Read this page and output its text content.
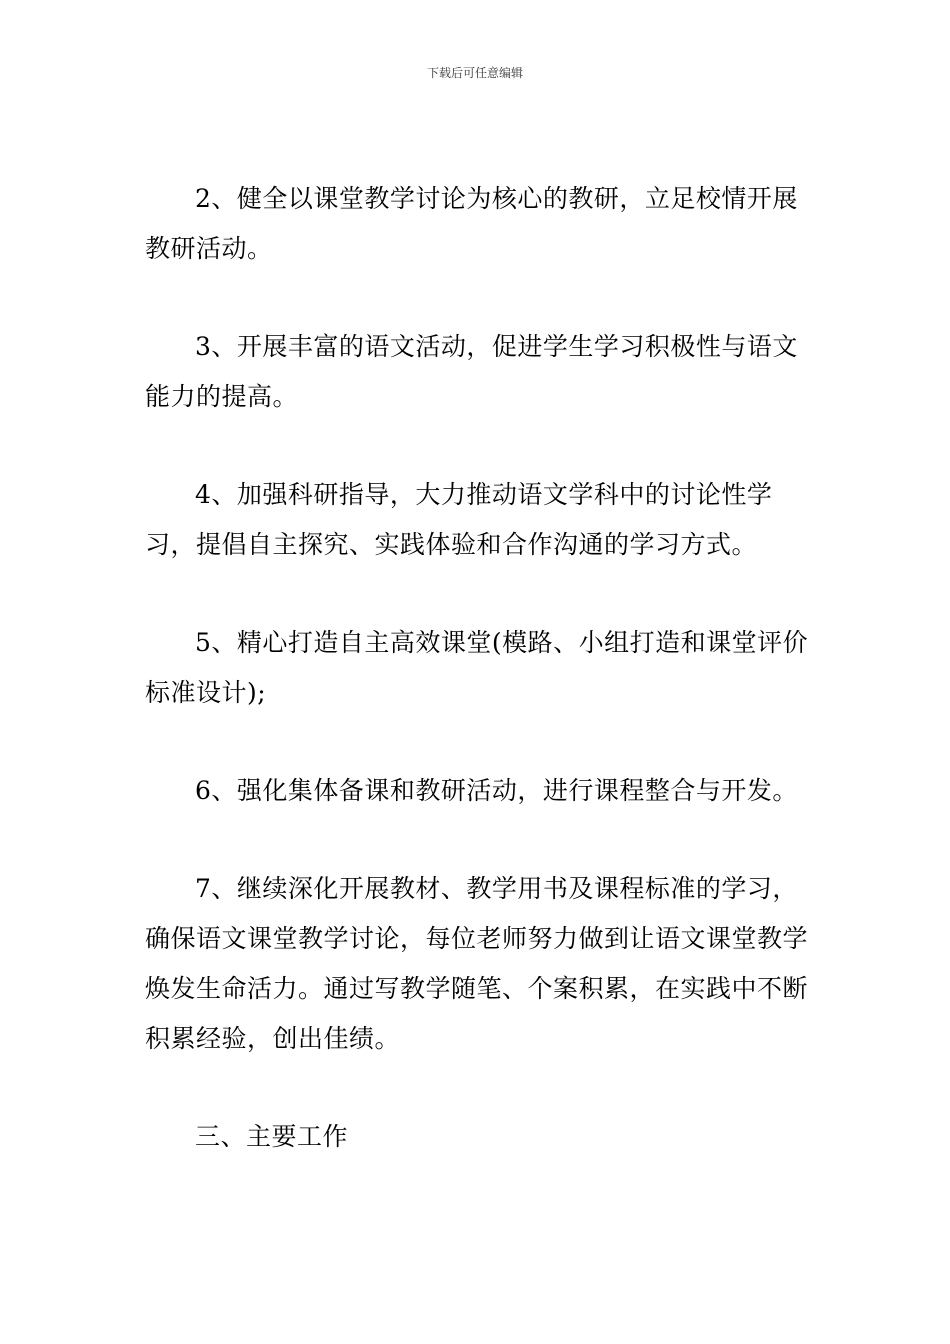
下载后可任意编辑

2、健全以课堂教学讨论为核心的教研，立足校情开展教研活动。

3、开展丰富的语文活动，促进学生学习积极性与语文能力的提高。

4、加强科研指导，大力推动语文学科中的讨论性学习，提倡自主探究、实践体验和合作沟通的学习方式。

5、精心打造自主高效课堂(模路、小组打造和课堂评价标准设计);

6、强化集体备课和教研活动，进行课程整合与开发。

7、继续深化开展教材、教学用书及课程标准的学习，确保语文课堂教学讨论，每位老师努力做到让语文课堂教学焕发生命活力。通过写教学随笔、个案积累，在实践中不断积累经验，创出佳绩。

三、主要工作
